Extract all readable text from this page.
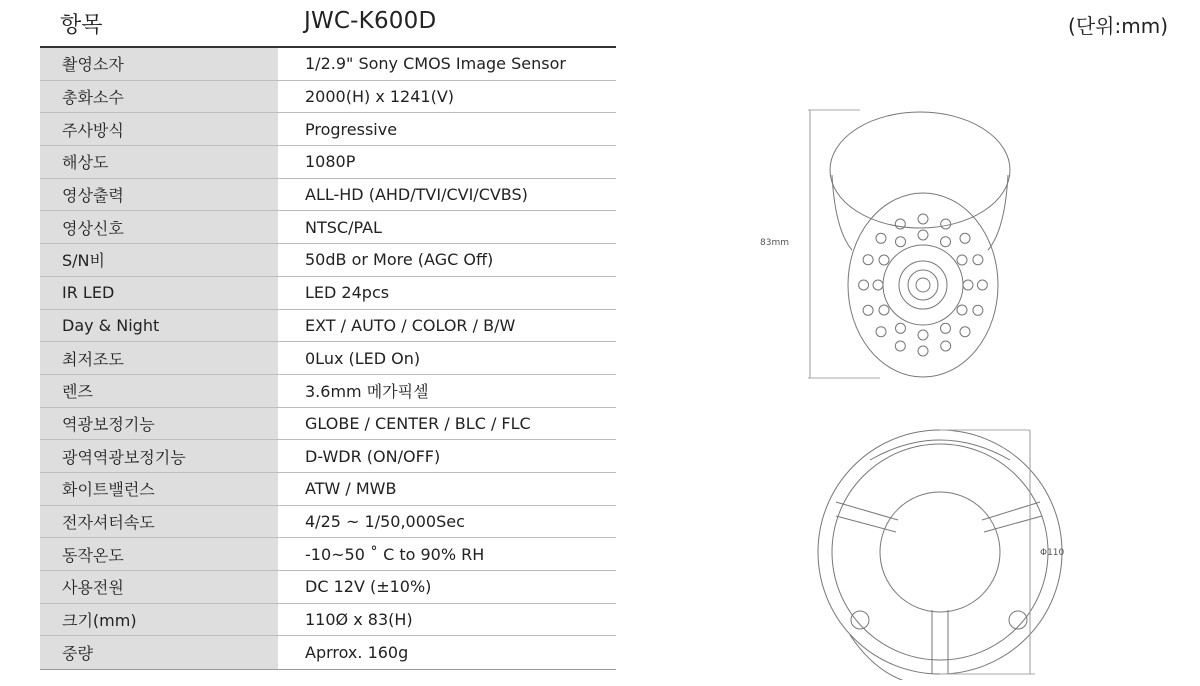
항목	JWC-K600D	(단위:mm)
촬영소자	1/2.9" Sony CMOS Image Sensor
총화소수	2000(H) x 1241(V)
주사방식	Progressive
해상도	1080P
영상출력	ALL-HD (AHD/TVI/CVI/CVBS)
영상신호	NTSC/PAL
S/N비	50dB or More (AGC Off)
IR LED	LED 24pcs
Day & Night	EXT / AUTO / COLOR / B/W
최저조도	0Lux (LED On)
렌즈	3.6mm 메가픽셀
역광보정기능	GLOBE / CENTER / BLC / FLC
광역역광보정기능	D-WDR (ON/OFF)
화이트밸런스	ATW / MWB
전자셔터속도	4/25 ~ 1/50,000Sec
동작온도	-10~50 ˚ C to 90% RH
사용전원	DC 12V (±10%)
크기(mm)	110Ø x 83(H)
중량	Aprrox. 160g
83mm
Φ110
